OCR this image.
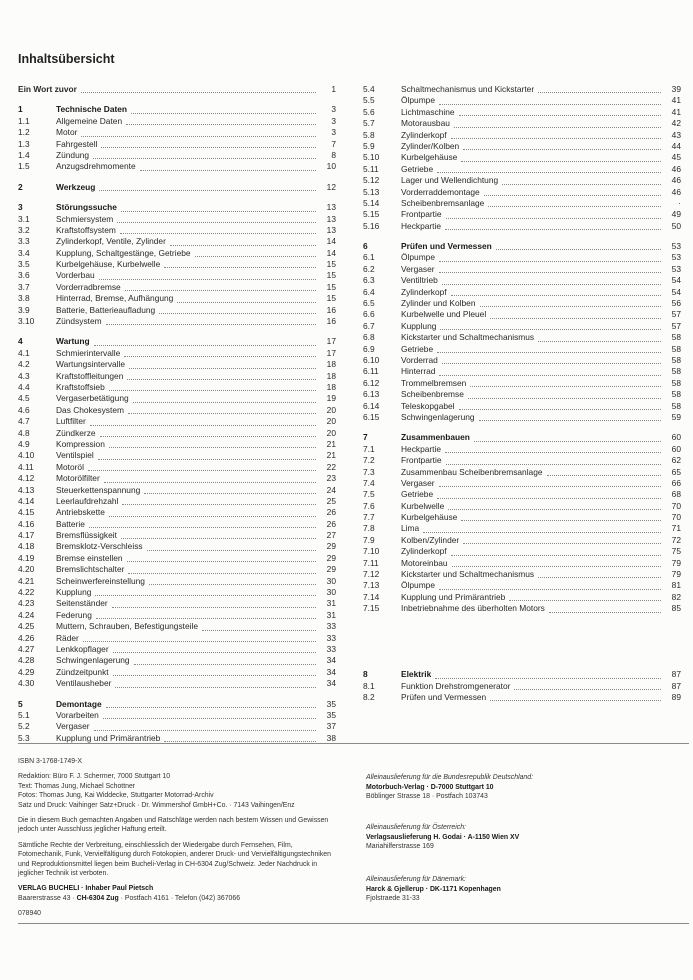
Inhaltsübersicht
Ein Wort zuvor	1
1	Technische Daten	3
1.1	Allgemeine Daten	3
1.2	Motor	3
1.3	Fahrgestell	7
1.4	Zündung	8
1.5	Anzugsdrehmomente	10
2	Werkzeug	12
3	Störungssuche	13
3.1	Schmiersystem	13
3.2	Kraftstoffsystem	13
3.3	Zylinderkopf, Ventile, Zylinder	14
3.4	Kupplung, Schaltgestänge, Getriebe	14
3.5	Kurbelgehäuse, Kurbelwelle	15
3.6	Vorderbau	15
3.7	Vorderradbremse	15
3.8	Hinterrad, Bremse, Aufhängung	15
3.9	Batterie, Batterieaufladung	16
3.10	Zündsystem	16
4	Wartung	17
4.1	Schmierintervalle	17
4.2	Wartungsintervalle	18
4.3	Kraftstoffleitungen	18
4.4	Kraftstoffsieb	18
4.5	Vergaserbetätigung	19
4.6	Das Chokesystem	20
4.7	Luftfilter	20
4.8	Zündkerze	20
4.9	Kompression	21
4.10	Ventilspiel	21
4.11	Motoröl	22
4.12	Motorölfilter	23
4.13	Steuerkettenspannung	24
4.14	Leerlaufdrehzahl	25
4.15	Antriebskette	26
4.16	Batterie	26
4.17	Bremsflüssigkeit	27
4.18	Bremsklotz-Verschleiss	29
4.19	Bremse einstellen	29
4.20	Bremslichtschalter	29
4.21	Scheinwerfereinstellung	30
4.22	Kupplung	30
4.23	Seitenständer	31
4.24	Federung	31
4.25	Muttern, Schrauben, Befestigungsteile	33
4.26	Räder	33
4.27	Lenkkopflager	33
4.28	Schwingenlagerung	34
4.29	Zündzeitpunkt	34
4.30	Ventilausheber	34
5	Demontage	35
5.1	Vorarbeiten	35
5.2	Vergaser	37
5.3	Kupplung und Primärantrieb	38
5.4	Schaltmechanismus und Kickstarter	39
5.5	Ölpumpe	41
5.6	Lichtmaschine	41
5.7	Motorausbau	42
5.8	Zylinderkopf	43
5.9	Zylinder/Kolben	44
5.10	Kurbelgehäuse	45
5.11	Getriebe	46
5.12	Lager und Wellendichtung	46
5.13	Vorderraddemontage	46
5.14	Scheibenbremsanlage	·
5.15	Frontpartie	49
5.16	Heckpartie	50
6	Prüfen und Vermessen	53
6.1	Ölpumpe	53
6.2	Vergaser	53
6.3	Ventiltrieb	54
6.4	Zylinderkopf	54
6.5	Zylinder und Kolben	56
6.6	Kurbelwelle und Pleuel	57
6.7	Kupplung	57
6.8	Kickstarter und Schaltmechanismus	58
6.9	Getriebe	58
6.10	Vorderrad	58
6.11	Hinterrad	58
6.12	Trommelbremsen	58
6.13	Scheibenbremse	58
6.14	Teleskopgabel	58
6.15	Schwingenlagerung	59
7	Zusammenbauen	60
7.1	Heckpartie	60
7.2	Frontpartie	62
7.3	Zusammenbau Scheibenbremsanlage	65
7.4	Vergaser	66
7.5	Getriebe	68
7.6	Kurbelwelle	70
7.7	Kurbelgehäuse	70
7.8	Lima	71
7.9	Kolben/Zylinder	72
7.10	Zylinderkopf	75
7.11	Motoreinbau	79
7.12	Kickstarter und Schaltmechanismus	79
7.13	Ölpumpe	81
7.14	Kupplung und Primärantrieb	82
7.15	Inbetriebnahme des überholten Motors	85
8	Elektrik	87
8.1	Funktion Drehstromgenerator	87
8.2	Prüfen und Vermessen	89

ISBN 3-1768-1749-X

Redaktion: Büro F. J. Schermer, 7000 Stuttgart 10
Text: Thomas Jung, Michael Schottner
Fotos: Thomas Jung, Kai Widdecke, Stuttgarter Motorrad-Archiv
Satz und Druck: Vaihinger Satz+Druck · Dr. Wimmershof GmbH+Co. · 7143 Vaihingen/Enz

Die in diesem Buch gemachten Angaben und Ratschläge werden nach bestem Wissen und Gewissen jedoch unter Ausschluss jeglicher Haftung erteilt.

Sämtliche Rechte der Verbreitung, einschliesslich der Wiedergabe durch Fernsehen, Film, Fotomechanik, Funk, Vervielfältigung durch Fotokopien, anderer Druck- und Vervielfältigungstechniken und Reproduktionsmittel liegen beim Bucheli-Verlag in CH-6304 Zug/Schweiz. Jeder Nachdruck in jeglicher Technik ist verboten.

VERLAG BUCHELI · Inhaber Paul Pietsch
Baarerstrasse 43 · CH-6304 Zug · Postfach 4161 · Telefon (042) 367066

078940

Alleinauslieferung für die Bundesrepublik Deutschland:
Motorbuch-Verlag · D-7000 Stuttgart 10
Böblinger Strasse 18 · Postfach 103743
Alleinauslieferung für Österreich:
Verlagsauslieferung H. Godai · A-1150 Wien XV
Mariahilferstrasse 169
Alleinauslieferung für Dänemark:
Harck & Gjellerup · DK-1171 Kopenhagen
Fjolstraede 31-33
